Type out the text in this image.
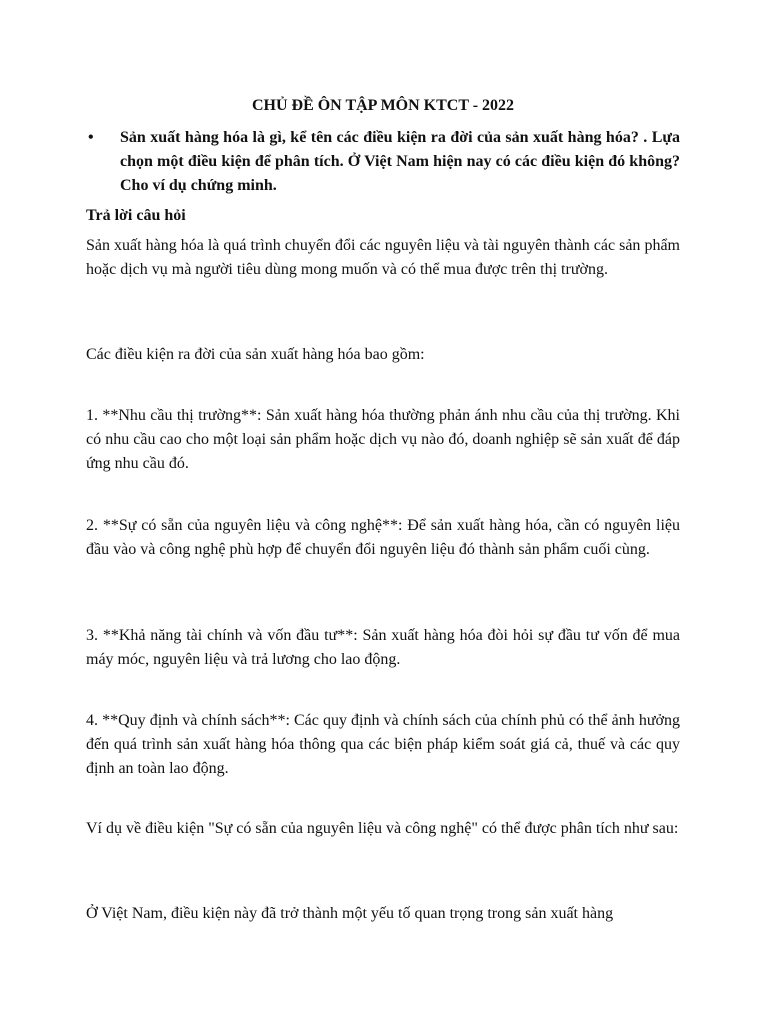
CHỦ ĐỀ ÔN TẬP MÔN KTCT - 2022
•	Sản xuất hàng hóa là gì, kể tên các điều kiện ra đời của sản xuất hàng hóa? . Lựa chọn một điều kiện để phân tích. Ở Việt Nam hiện nay có các điều kiện đó không? Cho ví dụ chứng minh.
Trả lời câu hỏi

Sản xuất hàng hóa là quá trình chuyển đổi các nguyên liệu và tài nguyên thành các sản phẩm hoặc dịch vụ mà người tiêu dùng mong muốn và có thể mua được trên thị trường.

Các điều kiện ra đời của sản xuất hàng hóa bao gồm:

1. **Nhu cầu thị trường**: Sản xuất hàng hóa thường phản ánh nhu cầu của thị trường. Khi có nhu cầu cao cho một loại sản phẩm hoặc dịch vụ nào đó, doanh nghiệp sẽ sản xuất để đáp ứng nhu cầu đó.

2. **Sự có sẵn của nguyên liệu và công nghệ**: Để sản xuất hàng hóa, cần có nguyên liệu đầu vào và công nghệ phù hợp để chuyển đổi nguyên liệu đó thành sản phẩm cuối cùng.

3. **Khả năng tài chính và vốn đầu tư**: Sản xuất hàng hóa đòi hỏi sự đầu tư vốn để mua máy móc, nguyên liệu và trả lương cho lao động.

4. **Quy định và chính sách**: Các quy định và chính sách của chính phủ có thể ảnh hưởng đến quá trình sản xuất hàng hóa thông qua các biện pháp kiểm soát giá cả, thuế và các quy định an toàn lao động.

Ví dụ về điều kiện "Sự có sẵn của nguyên liệu và công nghệ" có thể được phân tích như sau:

Ở Việt Nam, điều kiện này đã trở thành một yếu tố quan trọng trong sản xuất hàng
